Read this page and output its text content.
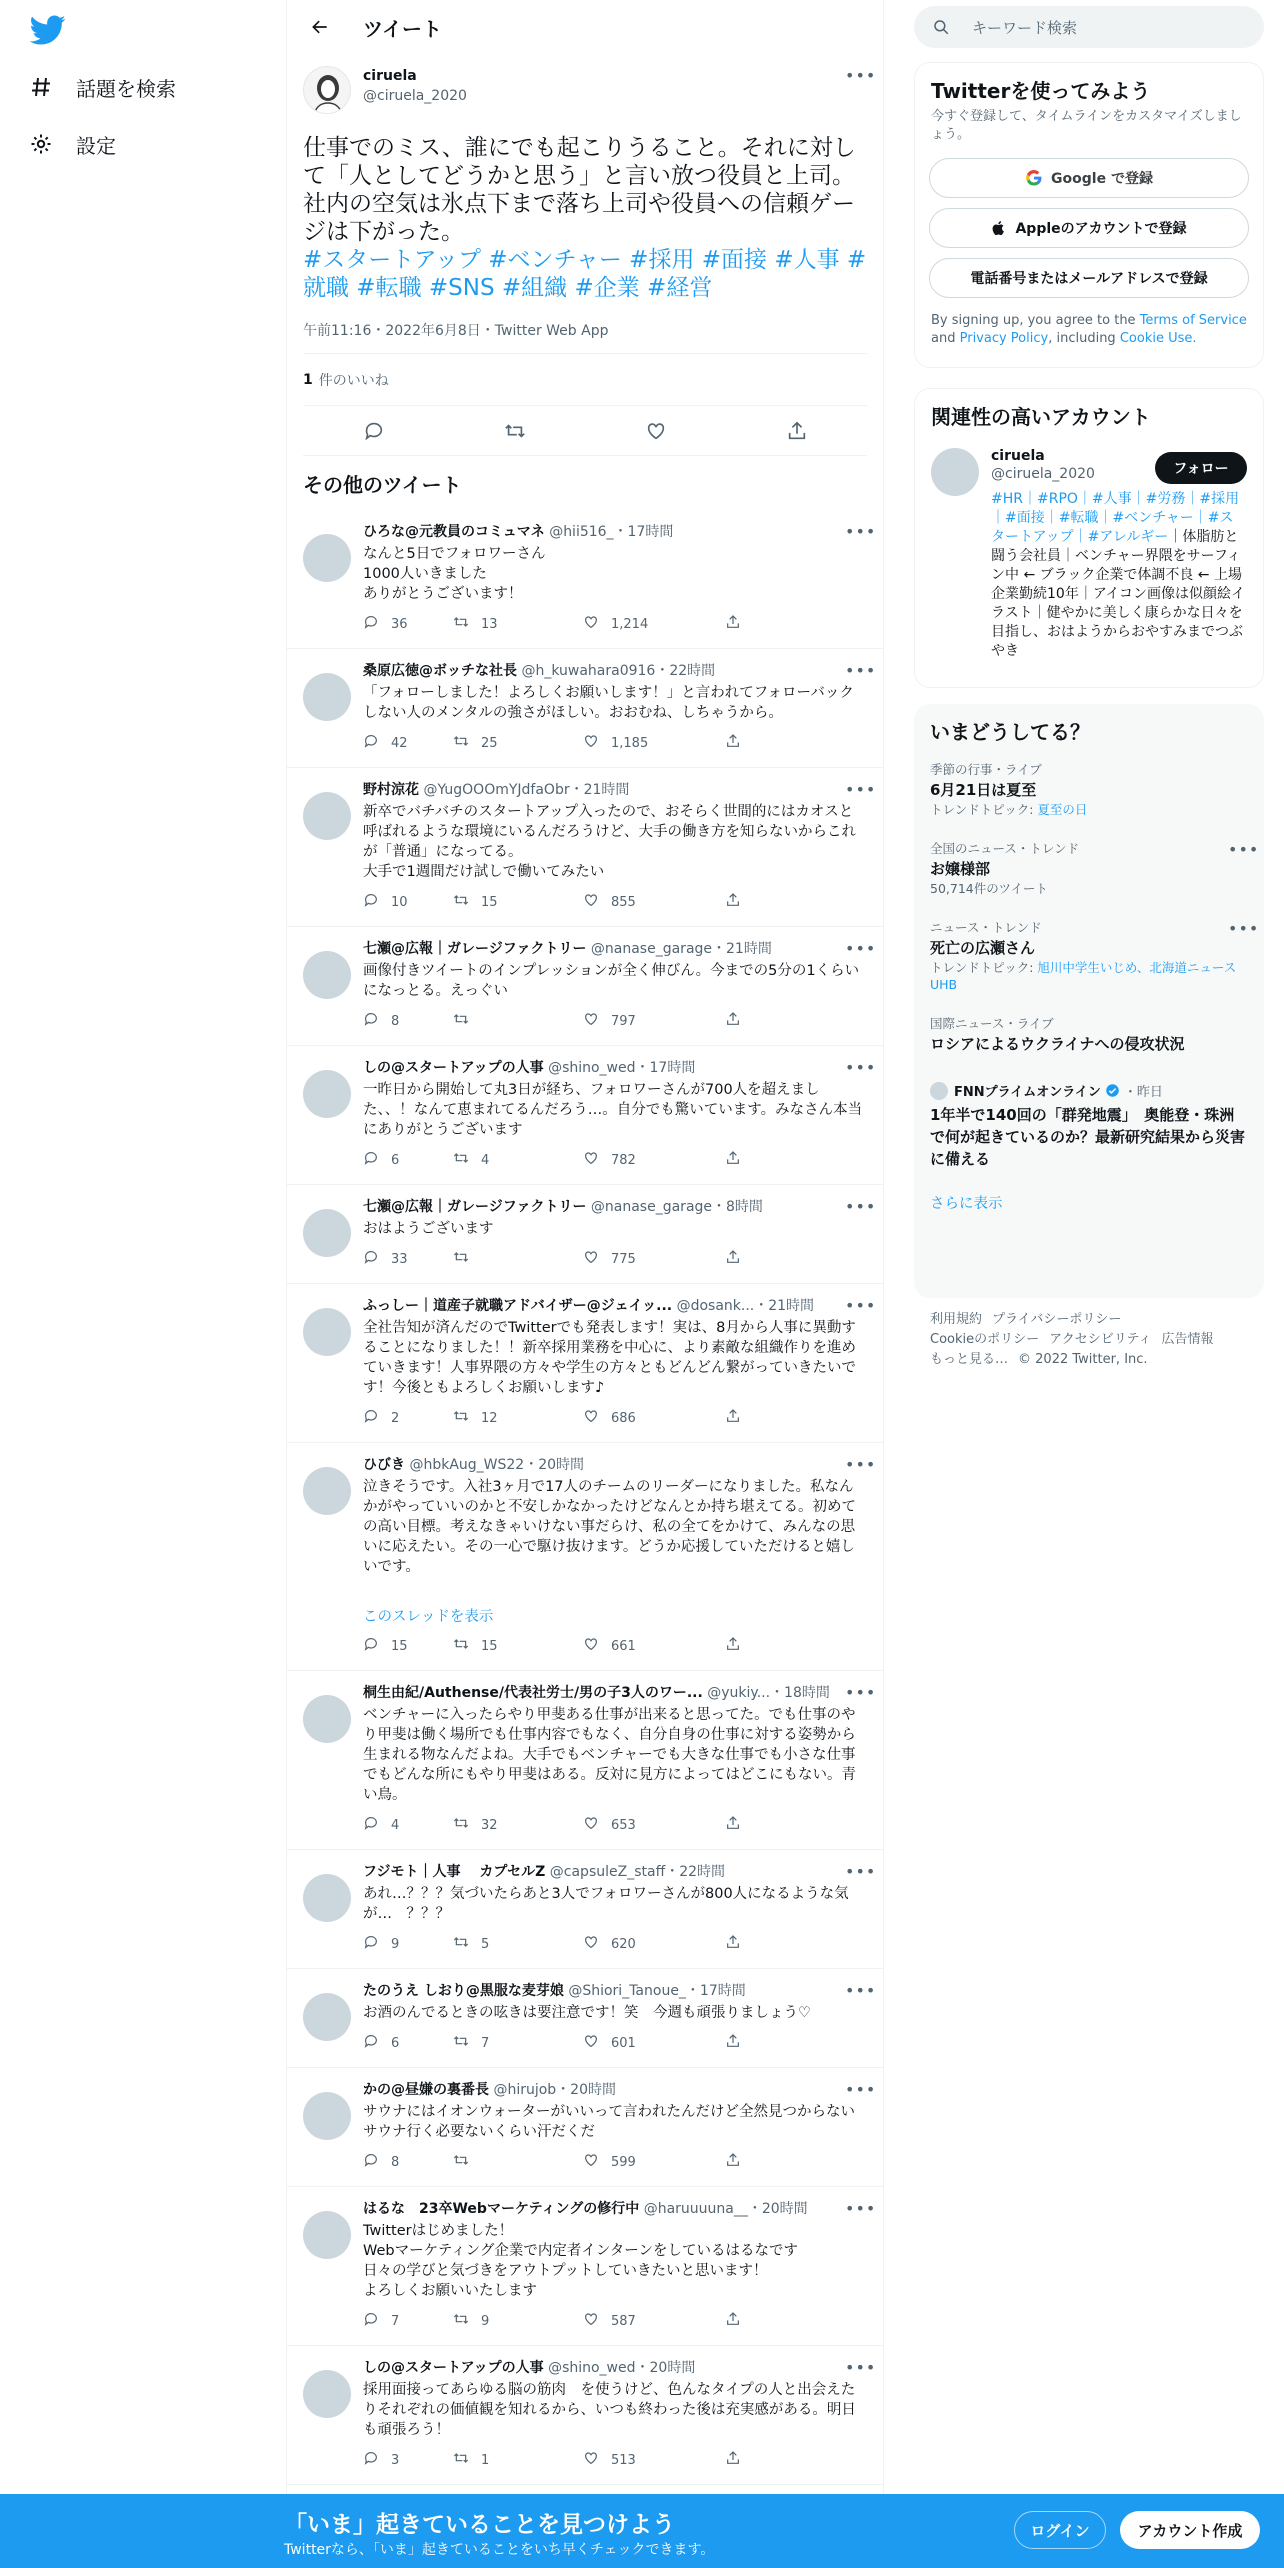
話題を検索
設定
ツイート
ciruela
@ciruela_2020
•••
仕事でのミス、誰にでも起こりうること。それに対して「人としてどうかと思う」と言い放つ役員と上司。社内の空気は氷点下まで落ち上司や役員への信頼ゲージは下がった。
#スタートアップ #ベンチャー #採用 #面接 #人事 #就職 #転職 #SNS #組織 #企業 #経営
午前11:16・2022年6月8日・Twitter Web App
1 件のいいね
その他のツイート
ひろな@元教員のコミュマネ @hii516_・17時間	•••
なんと5日でフォロワーさん
1000人いきました
ありがとうございます！
36	13	1,214
桑原広徳@ボッチな社長 @h_kuwahara0916・22時間	•••
「フォローしました！よろしくお願いします！」と言われてフォローバックしない人のメンタルの強さがほしい。おおむね、しちゃうから。
42	25	1,185
野村涼花 @YugOOOmYJdfaObr・21時間	•••
新卒でバチバチのスタートアップ入ったので、おそらく世間的にはカオスと呼ばれるような環境にいるんだろうけど、大手の働き方を知らないからこれが「普通」になってる。
大手で1週間だけ試しで働いてみたい
10	15	855
七瀬@広報｜ガレージファクトリー @nanase_garage・21時間	•••
画像付きツイートのインプレッションが全く伸びん。今までの5分の1くらいになっとる。えっぐい
8	797
しの@スタートアップの人事 @shino_wed・17時間	•••
一昨日から開始して丸3日が経ち、フォロワーさんが700人を超えました、、！なんて恵まれてるんだろう…。自分でも驚いています。みなさん本当にありがとうございます
6	4	782
七瀬@広報｜ガレージファクトリー @nanase_garage・8時間	•••
おはようございます
33	775
ふっしー｜道産子就職アドバイザー@ジェイッ... @dosank...・21時間	•••
全社告知が済んだのでTwitterでも発表します！実は、8月から人事に異動することになりました！！新卒採用業務を中心に、より素敵な組織作りを進めていきます！人事界隈の方々や学生の方々ともどんどん繋がっていきたいです！今後ともよろしくお願いします♪
2	12	686
ひびき @hbkAug_WS22・20時間	•••
泣きそうです。入社3ヶ月で17人のチームのリーダーになりました。私なんかがやっていいのかと不安しかなかったけどなんとか持ち堪えてる。初めての高い目標。考えなきゃいけない事だらけ、私の全てをかけて、みんなの思いに応えたい。その一心で駆け抜けます。どうか応援していただけると嬉しいです。
このスレッドを表示
15	15	661
桐生由紀/Authense/代表社労士/男の子3人のワー... @yukiy...・18時間 •••
ベンチャーに入ったらやり甲斐ある仕事が出来ると思ってた。でも仕事のやり甲斐は働く場所でも仕事内容でもなく、自分自身の仕事に対する姿勢から生まれる物なんだよね。大手でもベンチャーでも大きな仕事でも小さな仕事でもどんな所にもやり甲斐はある。反対に見方によってはどこにもない。青い鳥。
4	32	653
フジモト｜人事　 カプセルZ @capsuleZ_staff・22時間	•••
あれ…？？？気づいたらあと3人でフォロワーさんが800人になるような気が…　？？？
9	5	620
たのうえ しおり@黒服な麦芽娘 @Shiori_Tanoue_・17時間	•••
お酒のんでるときの呟きは要注意です！笑　今週も頑張りましょう♡
6	7	601
かの@昼嫌の裏番長 @hirujob・20時間	•••
サウナにはイオンウォーターがいいって言われたんだけど全然見つからない サウナ行く必要ないくらい汗だくだ
8	599
はるな　23卒Webマーケティングの修行中 @haruuuuna__・20時間	•••
Twitterはじめました！
Webマーケティング企業で内定者インターンをしているはるなです
日々の学びと気づきをアウトプットしていきたいと思います！
よろしくお願いいたします
7	9	587
しの@スタートアップの人事 @shino_wed・20時間	•••
採用面接ってあらゆる脳の筋肉　を使うけど、色んなタイプの人と出会えたりそれぞれの価値観を知れるから、いつも終わった後は充実感がある。明日も頑張ろう！
3	1	513
キーワード検索
Twitterを使ってみよう
今すぐ登録して、タイムラインをカスタマイズしましょう。
Google で登録
Appleのアカウントで登録
電話番号またはメールアドレスで登録
By signing up, you agree to the Terms of Service and Privacy Policy, including Cookie Use.
関連性の高いアカウント
ciruela
@ciruela_2020	フォロー
#HR｜#RPO｜#人事｜#労務｜#採用｜#面接｜#転職｜#ベンチャー｜#スタートアップ｜#アレルギー｜体脂肪と闘う会社員｜ベンチャー界隈をサーフィン中 ← ブラック企業で体調不良 ← 上場企業勤続10年｜アイコン画像は似顔絵イラスト｜健やかに美しく康らかな日々を目指し、おはようからおやすみまでつぶやき
いまどうしてる？
季節の行事・ライブ
6月21日は夏至
トレンドトピック: 夏至の日
全国のニュース・トレンド
お嬢様部
50,714件のツイート
•••
ニュース・トレンド
死亡の広瀬さん
トレンドトピック: 旭川中学生いじめ、北海道ニュースUHB
•••
国際ニュース・ライブ
ロシアによるウクライナへの侵攻状況
FNNプライムオンライン ・昨日
1年半で140回の「群発地震」　奥能登・珠洲で何が起きているのか？最新研究結果から災害に備える
さらに表示
利用規約 プライバシーポリシー
Cookieのポリシー アクセシビリティ 広告情報
もっと見る… © 2022 Twitter, Inc.
「いま」起きていることを見つけよう
Twitterなら、「いま」起きていることをいち早くチェックできます。
ログイン	アカウント作成
